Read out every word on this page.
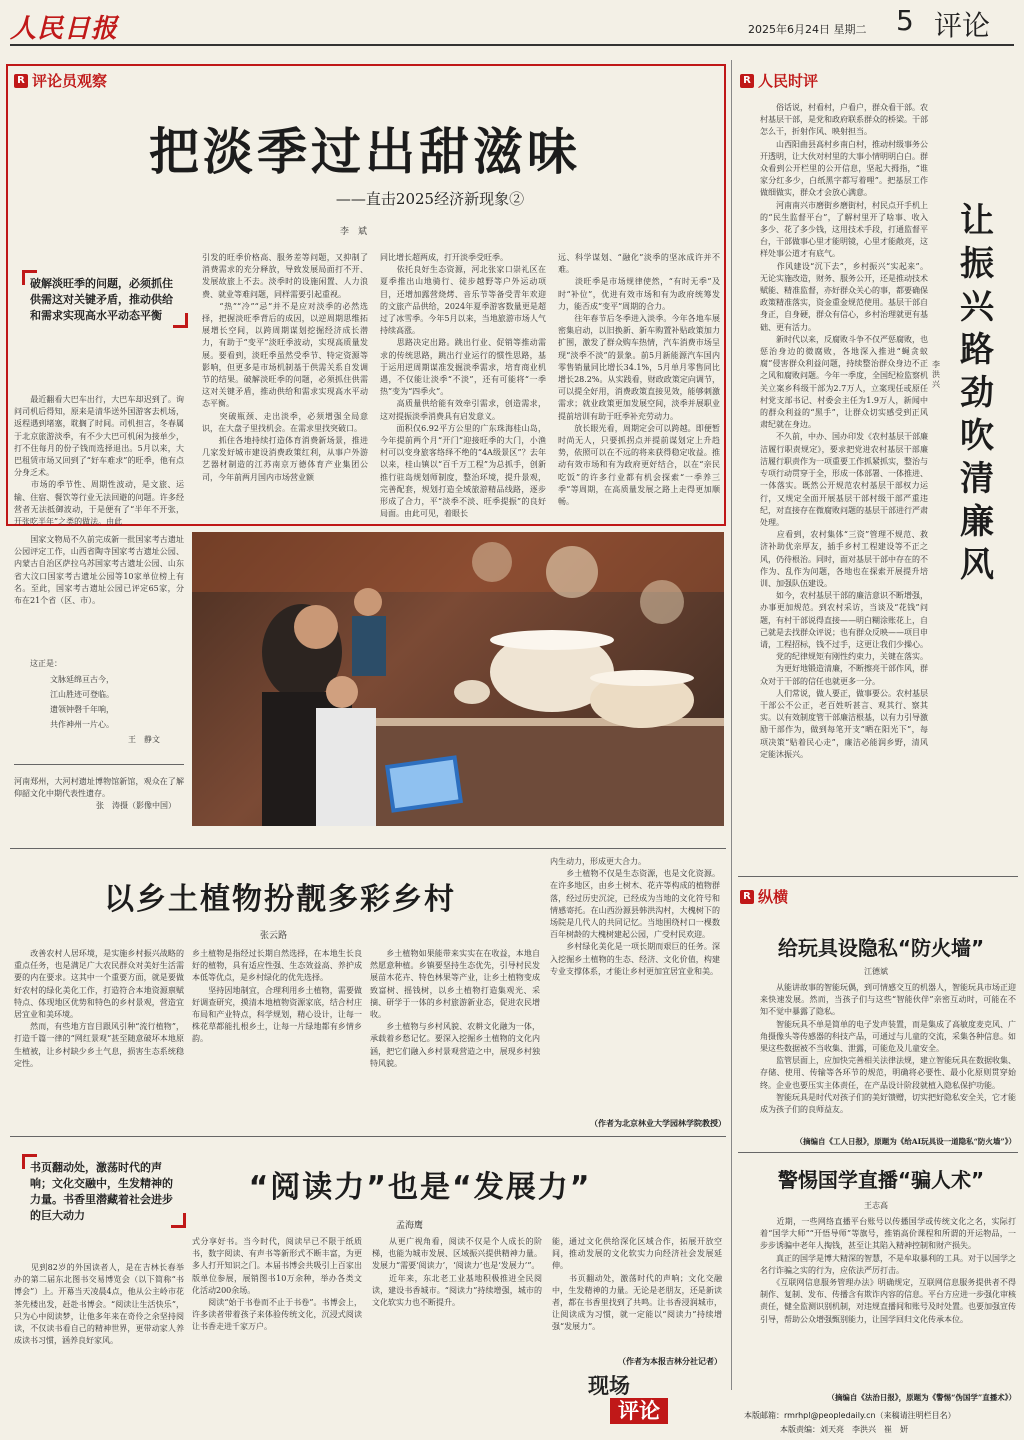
人民日报	2025年6月24日 星期二 5 评论
R 评论员观察
把淡季过出甜滋味
——直击2025经济新现象②
李　斌
破解淡旺季的问题，必须抓住供需这对关键矛盾，推动供给和需求实现高水平动态平衡
　　最近翻看大巴车出行，大巴车却迟到了。询问司机后得知，原来是清华送外国游客去机场，返程遇到堵塞，耽搁了时间。司机担言，冬春属于北京旅游淡季，有不少大巴可机闲为接单少，打不住每月的份子钱而选择退出。5月以来，大巴租赁市场又回到了“好车难求”的旺季，他有点分身乏术。
　　市场的季节性、周期性波动，是文旅、运输、住宿、餐饮等行业无法回避的问题。许多经营者无法抵御波动，于是便有了“半年不开张，开张吃半年”之类的做法。由此
引发的旺季价格高、服务差等问题，又抑制了消费需求的充分释放，导致发展局面打不开、发展故旅上不去。淡季时的设施闲置、人力浪费、就业等难问题，同样需要引起重视。
　　“热”“冷”“忌”并不是应对淡季的必然选择，把握淡旺季背后的成因，以逆周期思维拓展增长空间，以跨周期谋划挖掘经济成长潜力，有助于“变平”淡旺季波动，实现高质量发展。要看到，淡旺季虽然受季节、特定资源等影响，但更多是市场机制基于供需关系自发调节的结果。破解淡旺季的问题，必须抓住供需这对关键矛盾，推动供给和需求实现高水平动态平衡。
　　突破瓶颈、走出淡季，必须增强全局意识，在大盘子里找机会。在需求里找突破口。
　　抓住各地持续打造体育消费新场景，推进几家发好城市建设消费政策红利，从事户外游艺器材制造的江苏南京万德体育产业集团公司，今年前两月国内市场营业额
同比增长超两成，打开淡季受旺季。
　　依托良好生态资源，河北张家口崇礼区在夏季推出山地骑行、徒步越野等户外运动项目，还增加露营烧烤、音乐节等备受青年欢迎的文旅产品供给，2024年夏季游客数量更是超过了冰雪季。今年5月以来，当地旅游市场人气持续高涨。
　　思路决定出路。跳出行业、促销等推动需求的传统思路，跳出行业运行的惯性思路，基于运用逆周期谋准发掘淡季需求，培育商业机遇，不仅能让淡季“不淡”，还有可能将“一季热”变为“四季火”。
　　高质量供给能有效牵引需求，创造需求，这对提振淡季消费具有启发意义。
　　面积仅6.92平方公里的广东珠海桂山岛，今年提前两个月“开门”迎接旺季的大门，小渔村可以变身旅客络绎不绝的“4A级景区”？去年以来，桂山镇以“百千万工程”为总抓手，创新推行驻岛规划师制度，整治环境，提升景观，完善配套，规划打造全域旅游精品线路，逐步形成了合力，平“淡季不淡、旺季提振”的良好局面。由此可见，着眼长
远、科学谋划、“融化”淡季的坚冰成许并不难。
　　淡旺季是市场规律使然，“有时无季”及时“补位”，优进有效市场和有为政府统筹发力，能否成“变平”周期的合力。
　　往年春节后冬季进入淡季。今年各地车展密集启动，以旧换新、新车购置补贴政策加力扩围，激发了群众购车热情，汽车消费市场呈现“淡季不淡”的景象。前5月新能源汽车国内零售销量同比增长34.1%，5月单月零售同比增长28.2%。从实践看，财政政策定向调节，可以提全好用，消费政策直接见效，能够刺激需求；就业政策更加发展空间，淡季并展职业提前培训有助于旺季补充劳动力。
　　放长眼光看，周期定会可以跨越。即便暂时尚无人，只要抓拐点并提前谋划定上升趋势，依照可以在不远的将来获得稳定收益。推动有效市场和有为政府更好结合，以在“亲民吃饭”的许多行业都有机会探索“一季养三季”等周期，在高质量发展之路上走得更加顺畅。
R 人民时评
让振兴路劲吹清廉风
李洪兴
　　俗话说，村看村，户看户，群众看干部。农村基层干部，是党和政府联系群众的桥梁。干部怎么干，折射作风、映射担当。
　　山西阳曲县高村乡南白村，推动村级事务公开透明，让大伙对村里的大事小情明明白白。群众看到公开栏里的公开信息，坚起大拇指，“谁家分红多少，白纸黑字都写着哩”。把基层工作做细做实，群众才会放心满意。
　　河南南兴市磨街乡磨街村，村民点开手机上的“民生监督平台”，了解村里开了啥事、收入多少、花了多少钱，这用技术手段，打通监督平台，干部做事心里才能明镜，心里才能敞亮，这样处事公道才有底气。
　　作风建设“沉下去”，乡村振兴“实起来”。无论实施改造，财务、服务公开，还是推动技术赋能、精准监督，亦好群众关心的事，都要确保政策精准落实，资金重金规范使用。基层干部自身正，自身硬，群众有信心，乡村治理就更有基础、更有活力。
　　新时代以来，反腐败斗争不仅严惩腐败，也惩治身边的微腐败，各地深入推进“蝇贪蚁腐”侵害群众利益问题，持续整治群众身边不正之风和腐败问题。今年一季度，全国纪检监察机关立案乡科级干部为2.7万人，立案现任或原任村党支部书记、村委会主任为1.9万人，新闻中的群众利益的“黑手”，让群众切实感受到正风肃纪就在身边。
　　不久前，中办、国办印发《农村基层干部廉洁履行职责规定》，要求把党进农村基层干部廉洁履行职责作为一项重要工作抓紧抓实，整治与专项行动贯穿于全，形成一体部署、一体推进、一体落实。既然公开规范农村基层干部权力运行，又规定全面开展基层干部村级干部严重违纪，对直接存在微腐败问题的基层干部进行严肃处理。
　　应看到，农村集体“三资”管理不规范、救济补助优亲厚友，插手乡村工程建设等不正之风，仍待根治。同时，面对基层干部中存在的不作为、乱作为问题，各地也在探索开展提升培训、加强队伍建设。
　　如今，农村基层干部的廉洁意识不断增强，办事更加规范。到农村采访，当谈及“花钱”问题，有村干部说得直接——明白糊涂账花上，自己就是去找群众评说；也有群众反映——项目申请，工程招标，钱不过手，这更让我们少操心。
　　党的纪律规矩有刚性约束力，关键在落实。
　　为更好地锻造清廉，不断擦亮干部作风，群众对于干部的信任也就更多一分。
　　人们常说，做人要正，做事要公。农村基层干部公不公正，老百姓听甚言、观其行、察其实。以有效制度管干部廉洁根基，以有力引导激励干部作为，做到每笔开支“晒在阳光下”，每项决策“贴着民心走”，廉洁必能润乡野，清风定能沐振兴。
　　国家文物局不久前完成新一批国家考古遗址公园评定工作，山西省陶寺国家考古遗址公园、内蒙古自治区萨拉乌苏国家考古遗址公园、山东省大汶口国家考古遗址公园等10家单位榜上有名。至此，国家考古遗址公园已评定65家，分布在21个省（区、市）。
　　这正是：
文脉延绵亘古今，
江山胜迹可登临。
遗领钟磬千年响，
共作神州一片心。
王　静文
河南郑州，大河村遗址博物馆新馆，观众在了解仰韶文化中期代表性遗存。
张　涛摄（影像中国）
以乡土植物扮靓多彩乡村
张云路
　　改善农村人居环境，是实施乡村振兴战略的重点任务，也是满足广大农民群众对美好生活需要的内在要求。这其中一个重要方面，就是要做好农村的绿化美化工作，打造符合本地资源禀赋特点、体现地区优势和特色的乡村景观，营造宜居宜业和美环境。
　　然而，有些地方盲目跟风引种“流行植物”，打造千篇一律的“网红景观”甚至随意破坏本地原生植被，让乡村缺少乡土气息，损害生态系统稳定性。
乡土植物是指经过长期自然选择，在本地生长良好的植物，具有适应性强、生态效益高、养护成本低等优点，是乡村绿化的优先选择。
　　坚持因地制宜，合理利用乡土植物，需要做好调查研究，摸清本地植物资源家底，结合村庄布局和产业特点，科学规划，精心设计，让每一株花草都能扎根乡土，让每一片绿地都有乡情乡韵。
　　乡土植物如果能带来实实在在收益，本地自然愿意种植。乡镇要坚持生态优先，引导村民发展苗木花卉、特色林果等产业，让乡土植物变成致富树、摇钱树，以乡土植物打造集观光、采摘、研学于一体的乡村旅游新业态，促进农民增收。
　　乡土植物与乡村风貌、农耕文化融为一体，承载着乡愁记忆。要深入挖掘乡土植物的文化内涵，把它们融入乡村景观营造之中，展现乡村独特风貌。
内生动力，形成更大合力。
　　乡土植物不仅是生态资源，也是文化资源。在许多地区，由乡土树木、花卉等构成的植物群落，经过历史沉淀，已经成为当地的文化符号和情感寄托。在山西汾源县韩洪沟村，大槐树下的场院是几代人的共同记忆。当地围绕村口一棵数百年树龄的大槐树建起公园，广受村民欢迎。
　　乡村绿化美化是一项长期而艰巨的任务。深入挖掘乡土植物的生态、经济、文化价值，构建专业支撑体系，才能让乡村更加宜居宜业和美。
（作者为北京林业大学园林学院教授）
书页翻动处，激荡时代的声响；文化交融中，生发精神的力量。书香里潜藏着社会进步的巨大动力
“阅读力”也是“发展力”
孟海鹰
　　见到82岁的外国读者人，是在吉林长春举办的第二届东北图书交易博览会（以下简称“书博会”）上。开幕当天凌晨4点，他从公主岭市花茶先楼出发，赶赴书博会。“阅读让生活快乐”，只为心中阅读梦，让他多年来在奇伶之余坚持阅读，不仅读书看自己的精神世界，更带动家人养成读书习惯，涵养良好家风。
式分享好书。当今时代，阅读早已不限于纸质书，数字阅读、有声书等新形式不断丰富，为更多人打开知识之门。本届书博会共吸引上百家出版单位参展，展销图书10万余种，举办各类文化活动200余场。
　　阅读“始于书卷而不止于书卷”。书博会上，许多读者带着孩子来体验传统文化，沉浸式阅读让书香走进千家万户。
　　从更广视角看，阅读不仅是个人成长的阶梯，也能为城市发展、区域振兴提供精神力量。发展力“需要‘阅读力’，‘阅读力’也是‘发展力’”。
　　近年来，东北老工业基地积极推进全民阅读，建设书香城市。“阅读力”持续增强，城市的文化软实力也不断提升。
能，通过文化供给深化区域合作，拓展开放空间，推动发展的文化软实力向经济社会发展延伸。
　　书页翻动处，激荡时代的声响；文化交融中，生发精神的力量。无论是老朋友，还是新读者，都在书香里找到了共鸣。让书香浸润城市，让阅读成为习惯，就一定能以“阅读力”持续增强“发展力”。
（作者为本报吉林分社记者）
现场
评论
R 纵横
给玩具设隐私“防火墙”
江德斌
　　从能讲故事的智能玩偶，到可情感交互的机器人，智能玩具市场正迎来快速发展。然而，当孩子们与这些“智能伙伴”亲密互动时，可能在不知不觉中暴露了隐私。
　　智能玩具不单是简单的电子发声装置，而是集成了高敏度麦克风、广角摄像头等传感器的科技产品，可通过与儿童的交流，采集各种信息。如果这些数据被不当收集、泄露，可能危及儿童安全。
　　监管层面上，应加快完善相关法律法规，建立智能玩具在数据收集、存储、使用、传输等各环节的规范，明确将必要性、最小化原则贯穿始终。企业也要压实主体责任，在产品设计阶段就植入隐私保护功能。
　　智能玩具是时代对孩子们的美好馈赠，切实把好隐私安全关，它才能成为孩子们的良师益友。
（摘编自《工人日报》，原题为《给AI玩具设一道隐私“防火墙”》）
警惕国学直播“骗人术”
王志高
　　近期，一些网络直播平台账号以传播国学或传统文化之名，实际打着“国学大师”“开悟导师”等旗号，推销高价课程和所谓的开运物品，一步步诱骗中老年人掏钱，甚至让其陷入精神控制和财产损失。
　　真正的国学是博大精深的智慧，不是牟取暴利的工具。对于以国学之名行诈骗之实的行为，应依法严厉打击。
　　《互联网信息服务管理办法》明确规定，互联网信息服务提供者不得制作、复制、发布、传播含有欺诈内容的信息。平台方应进一步强化审核责任，健全监测识别机制，对违规直播间和账号及时处置。也要加强宣传引导，帮助公众增强甄别能力，让国学回归文化传承本位。
（摘编自《法治日报》，原题为《警惕“伪国学”直播术》）
本版邮箱：rmrhpl@peopledaily.cn（来稿请注明栏目名）
本版责编：刘天亮　李洪兴　崔　妍
